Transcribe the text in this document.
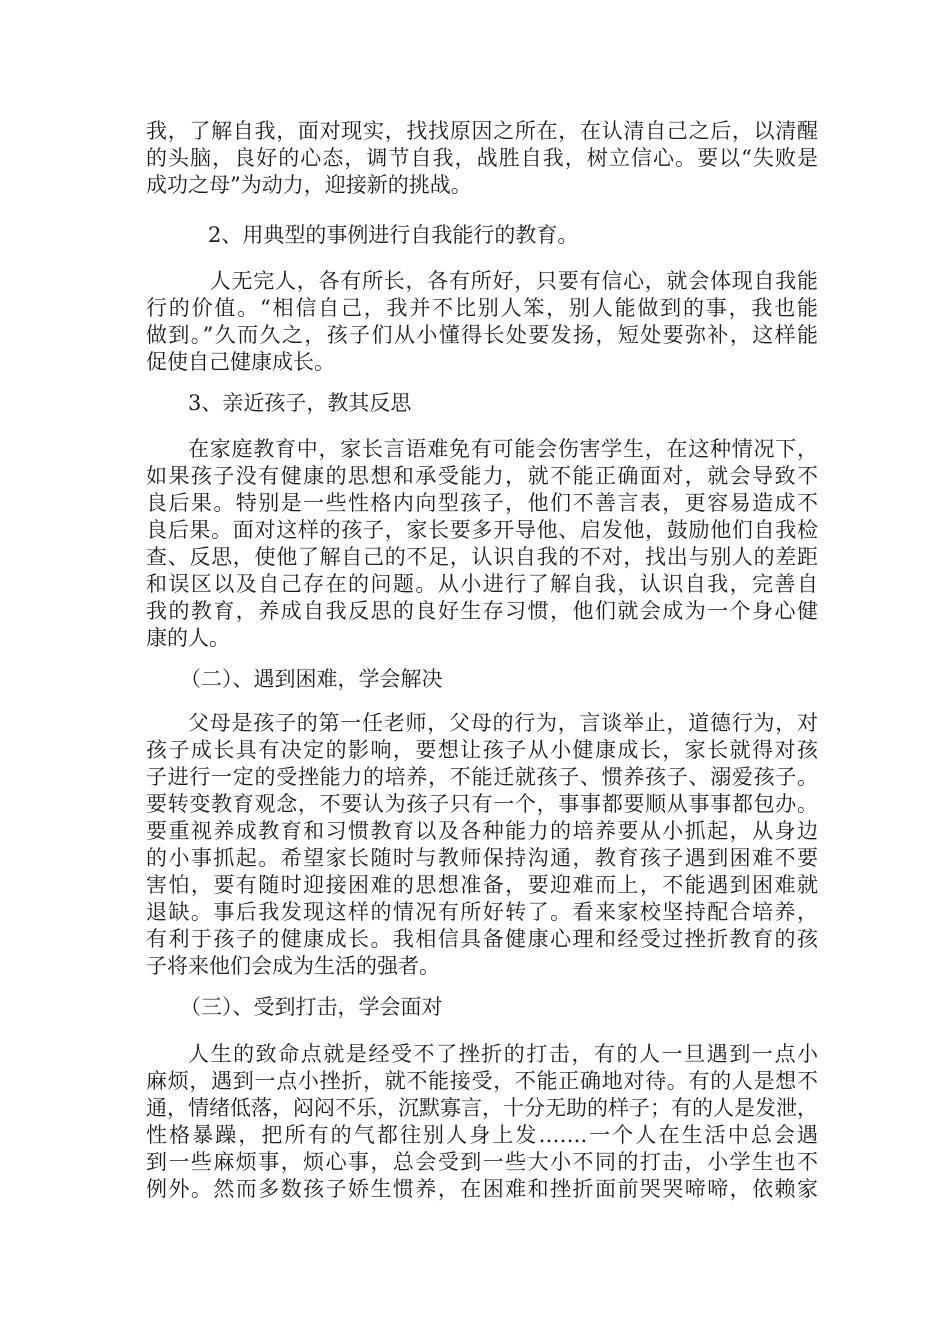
我，了解自我，面对现实，找找原因之所在，在认清自己之后，以清醒
的头脑，良好的心态，调节自我，战胜自我，树立信心。要以“失败是
成功之母”为动力，迎接新的挑战。
2、用典型的事例进行自我能行的教育。
　人无完人，各有所长，各有所好，只要有信心，就会体现自我能
行的价值。“相信自己，我并不比别人笨，别人能做到的事，我也能
做到。”久而久之，孩子们从小懂得长处要发扬，短处要弥补，这样能
促使自己健康成长。
3、亲近孩子，教其反思
在家庭教育中，家长言语难免有可能会伤害学生，在这种情况下，
如果孩子没有健康的思想和承受能力，就不能正确面对，就会导致不
良后果。特别是一些性格内向型孩子，他们不善言表，更容易造成不
良后果。面对这样的孩子，家长要多开导他、启发他，鼓励他们自我检
查、反思，使他了解自己的不足，认识自我的不对，找出与别人的差距
和误区以及自己存在的问题。从小进行了解自我，认识自我，完善自
我的教育，养成自我反思的良好生存习惯，他们就会成为一个身心健
康的人。
（二）、遇到困难，学会解决
父母是孩子的第一任老师，父母的行为，言谈举止，道德行为，对
孩子成长具有决定的影响，要想让孩子从小健康成长，家长就得对孩
子进行一定的受挫能力的培养，不能迁就孩子、惯养孩子、溺爱孩子。
要转变教育观念，不要认为孩子只有一个，事事都要顺从事事都包办。
要重视养成教育和习惯教育以及各种能力的培养要从小抓起，从身边
的小事抓起。希望家长随时与教师保持沟通，教育孩子遇到困难不要
害怕，要有随时迎接困难的思想准备，要迎难而上，不能遇到困难就
退缺。事后我发现这样的情况有所好转了。看来家校坚持配合培养，
有利于孩子的健康成长。我相信具备健康心理和经受过挫折教育的孩
子将来他们会成为生活的强者。
（三）、受到打击，学会面对
人生的致命点就是经受不了挫折的打击，有的人一旦遇到一点小
麻烦，遇到一点小挫折，就不能接受，不能正确地对待。有的人是想不
通，情绪低落，闷闷不乐，沉默寡言，十分无助的样子；有的人是发泄，
性格暴躁，把所有的气都往别人身上发…….一个人在生活中总会遇
到一些麻烦事，烦心事，总会受到一些大小不同的打击，小学生也不
例外。然而多数孩子娇生惯养，在困难和挫折面前哭哭啼啼，依赖家
